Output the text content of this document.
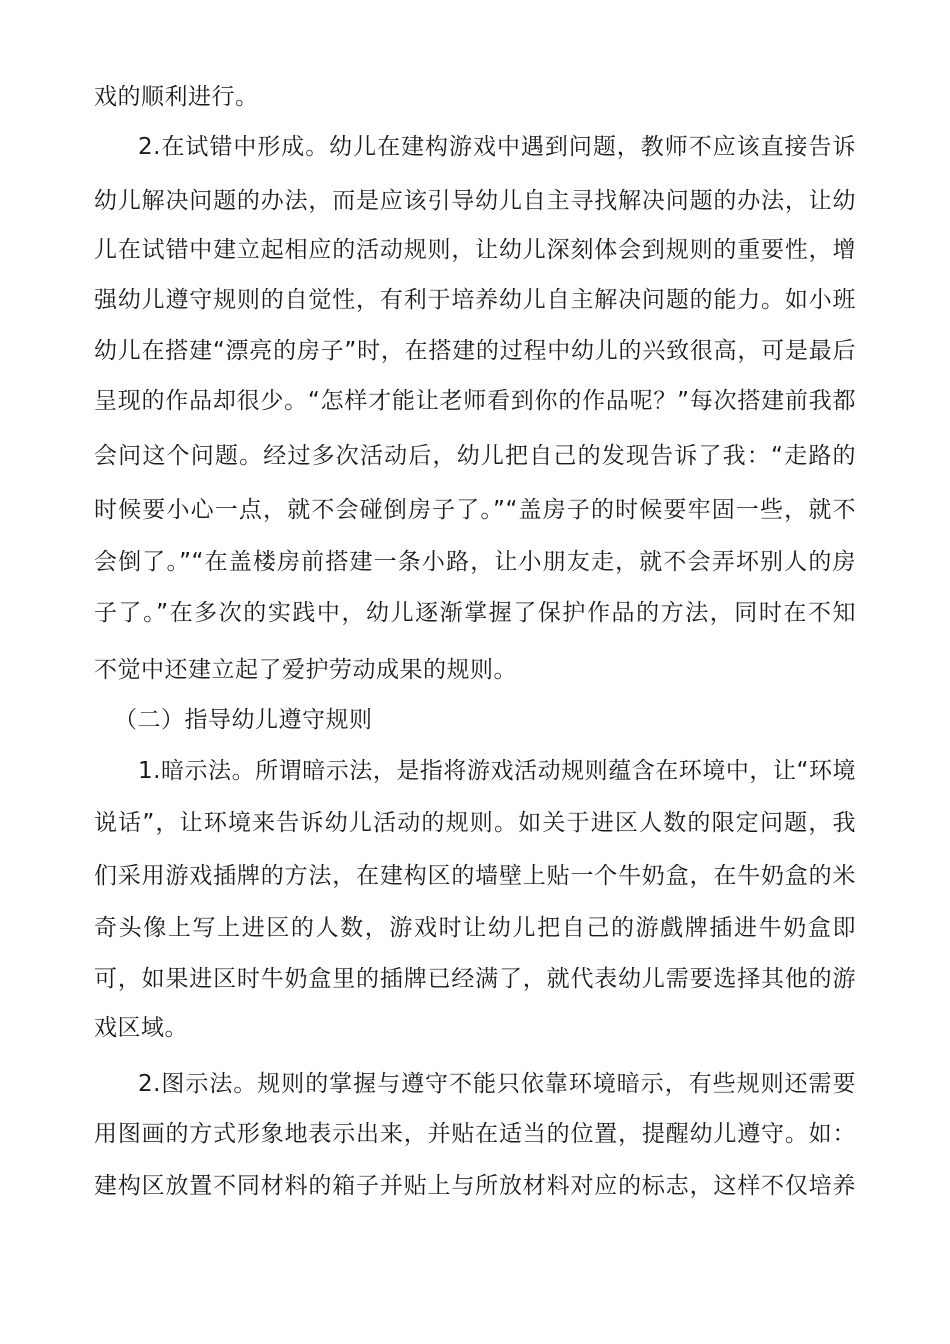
戏的顺利进行。
2.在试错中形成。幼儿在建构游戏中遇到问题，教师不应该直接告诉
幼儿解决问题的办法，而是应该引导幼儿自主寻找解决问题的办法，让幼
儿在试错中建立起相应的活动规则，让幼儿深刻体会到规则的重要性，增
强幼儿遵守规则的自觉性，有利于培养幼儿自主解决问题的能力。如小班
幼儿在搭建“漂亮的房子”时，在搭建的过程中幼儿的兴致很高，可是最后
呈现的作品却很少。“怎样才能让老师看到你的作品呢？”每次搭建前我都
会问这个问题。经过多次活动后，幼儿把自己的发现告诉了我：“走路的
时候要小心一点，就不会碰倒房子了。”“盖房子的时候要牢固一些，就不
会倒了。”“在盖楼房前搭建一条小路，让小朋友走，就不会弄坏别人的房
子了。”在多次的实践中，幼儿逐渐掌握了保护作品的方法，同时在不知
不觉中还建立起了爱护劳动成果的规则。
（二）指导幼儿遵守规则
1.暗示法。所谓暗示法，是指将游戏活动规则蕴含在环境中，让“环境
说话”，让环境来告诉幼儿活动的规则。如关于进区人数的限定问题，我
们采用游戏插牌的方法，在建构区的墙壁上贴一个牛奶盒，在牛奶盒的米
奇头像上写上进区的人数，游戏时让幼儿把自己的游戲牌插进牛奶盒即
可，如果进区时牛奶盒里的插牌已经满了，就代表幼儿需要选择其他的游
戏区域。
2.图示法。规则的掌握与遵守不能只依靠环境暗示，有些规则还需要
用图画的方式形象地表示出来，并贴在适当的位置，提醒幼儿遵守。如：
建构区放置不同材料的箱子并贴上与所放材料对应的标志，这样不仅培养
